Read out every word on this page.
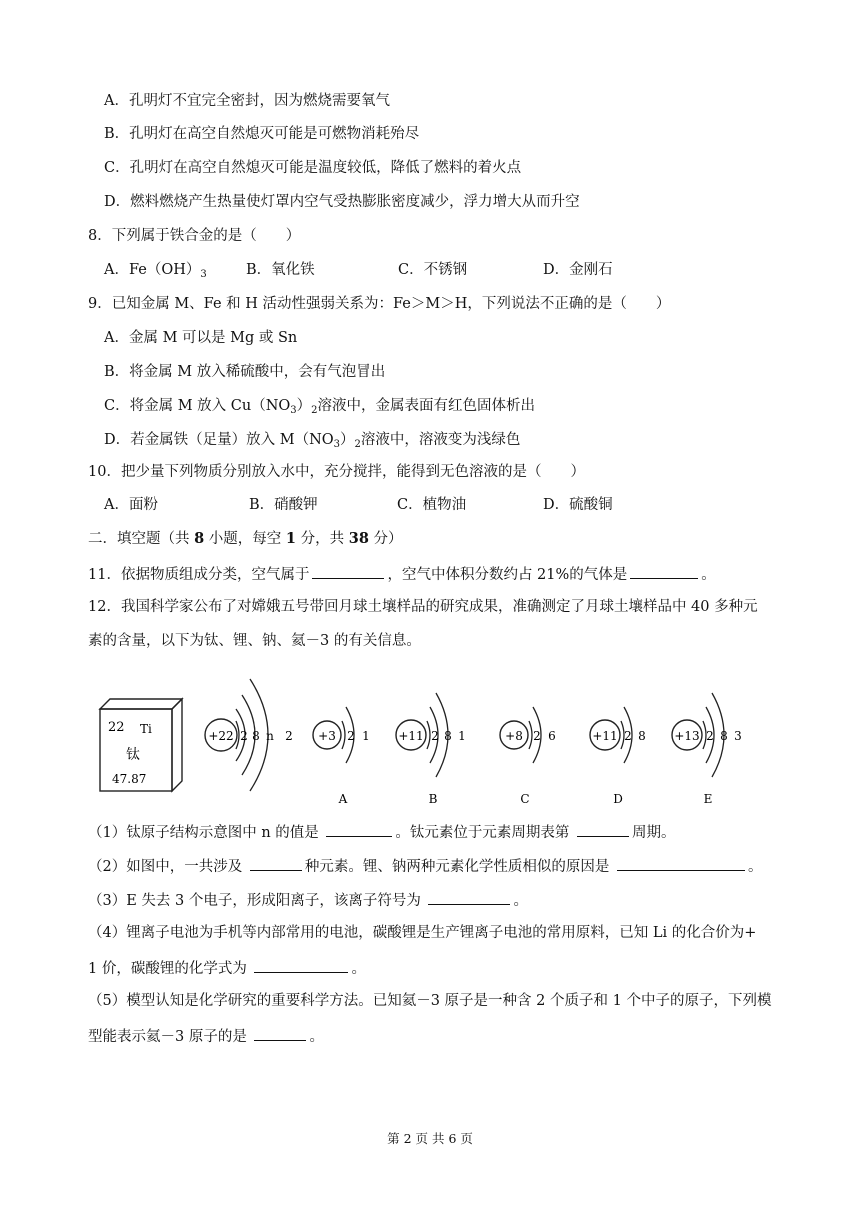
A．孔明灯不宜完全密封，因为燃烧需要氧气
B．孔明灯在高空自然熄灭可能是可燃物消耗殆尽
C．孔明灯在高空自然熄灭可能是温度较低，降低了燃料的着火点
D．燃料燃烧产生热量使灯罩内空气受热膨胀密度减少，浮力增大从而升空
8．下列属于铁合金的是（　　）
A．$Fe(OH)_3$	B．氧化铁	C．不锈钢	D．金刚石
9．已知金属 M、Fe 和 H 活动性强弱关系为：Fe＞M＞H，下列说法不正确的是（　　）
A．金属 M 可以是 Mg 或 Sn
B．将金属 M 放入稀硫酸中，会有气泡冒出
C．将金属 M 放入 $Cu(NO_3)_2$溶液中，金属表面有红色固体析出
D．若金属铁（足量）放入 $M(NO_3)_2$溶液中，溶液变为浅绿色
10．把少量下列物质分别放入水中，充分搅拌，能得到无色溶液的是（　　）
A．面粉	B．硝酸钾	C．植物油	D．硫酸铜
二．填空题（共 8 小题，每空 1 分，共 38 分）
11．依据物质组成分类，空气属于	，空气中体积分数约占 21%的气体是	。
12．我国科学家公布了对嫦娥五号带回月球土壤样品的研究成果，准确测定了月球土壤样品中 40 多种元
素的含量，以下为钛、锂、钠、氦－3 的有关信息。
22 Ti
钛
47.87
+22 2 8 n 2 +3 2 1
A
+11 2 8 1
B
+8 2 6
C
+11 2 8
D
+13 2 8 3
E
（1）钛原子结构示意图中 n 的值是	。钛元素位于元素周期表第	周期。
（2）如图中，一共涉及	种元素。锂、钠两种元素化学性质相似的原因是	。
（3）E 失去 3 个电子，形成阳离子，该离子符号为	。
（4）锂离子电池为手机等内部常用的电池，碳酸锂是生产锂离子电池的常用原料，已知 Li 的化合价为+
1 价，碳酸锂的化学式为	。
（5）模型认知是化学研究的重要科学方法。已知氦－3 原子是一种含 2 个质子和 1 个中子的原子，下列模
型能表示氦－3 原子的是	。
第 2 页 共 6 页
